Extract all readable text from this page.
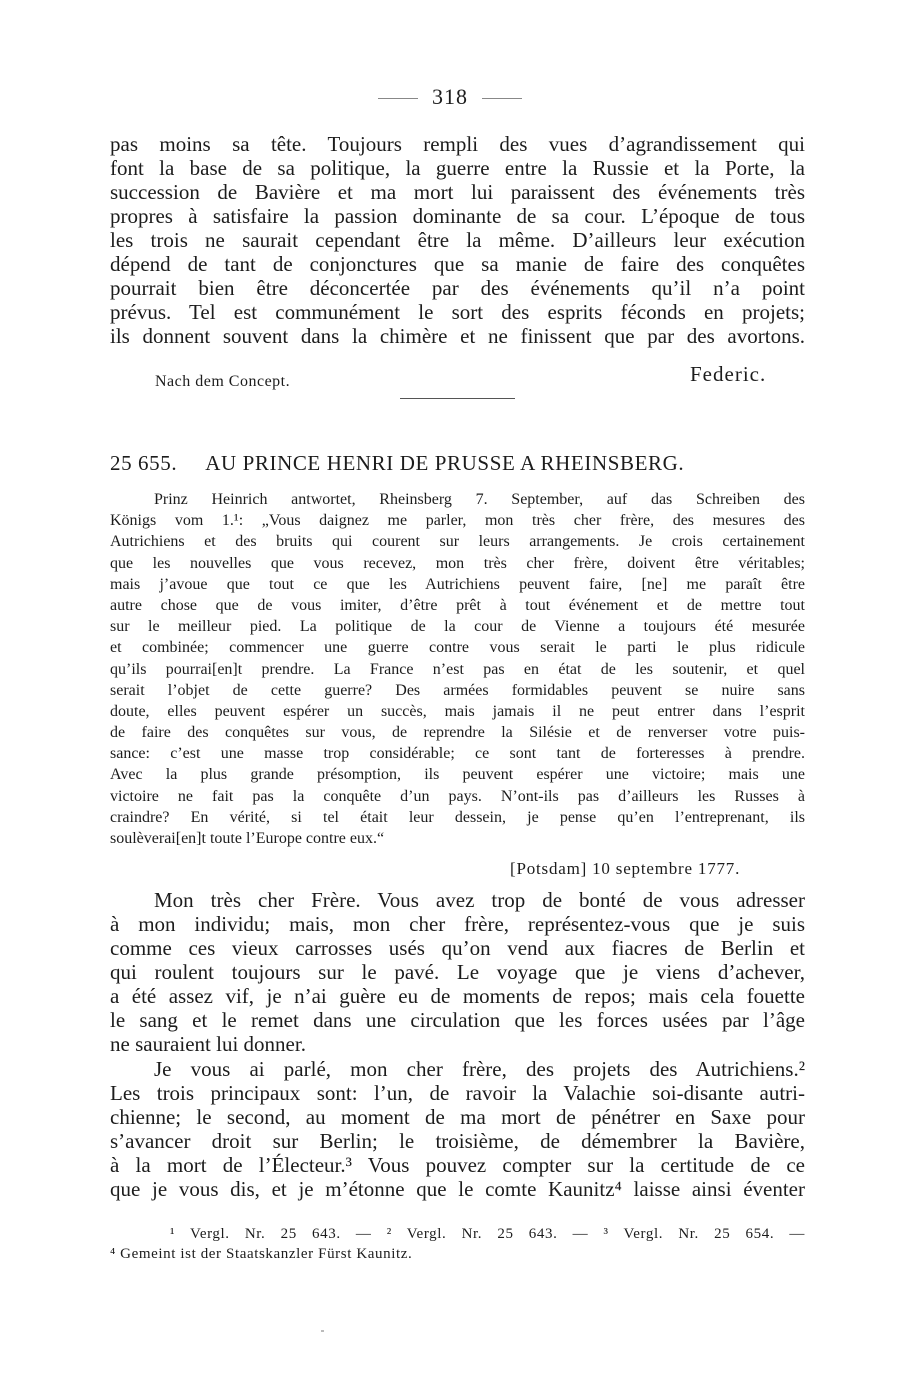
318
pas moins sa tête. Toujours rempli des vues d’agrandissement qui
font la base de sa politique, la guerre entre la Russie et la Porte, la
succession de Bavière et ma mort lui paraissent des événements très
propres à satisfaire la passion dominante de sa cour. L’époque de tous
les trois ne saurait cependant être la même. D’ailleurs leur exécution
dépend de tant de conjonctures que sa manie de faire des conquêtes
pourrait bien être déconcertée par des événements qu’il n’a point
prévus. Tel est communément le sort des esprits féconds en projets;
ils donnent souvent dans la chimère et ne finissent que par des avortons.
Nach dem Concept.	Federic.
25 655. AU PRINCE HENRI DE PRUSSE A RHEINSBERG.
Prinz Heinrich antwortet, Rheinsberg 7. September, auf das Schreiben des
Königs vom 1.¹: „Vous daignez me parler, mon très cher frère, des mesures des
Autrichiens et des bruits qui courent sur leurs arrangements. Je crois certainement
que les nouvelles que vous recevez, mon très cher frère, doivent être véritables;
mais j’avoue que tout ce que les Autrichiens peuvent faire, [ne] me paraît être
autre chose que de vous imiter, d’être prêt à tout événement et de mettre tout
sur le meilleur pied. La politique de la cour de Vienne a toujours été mesurée
et combinée; commencer une guerre contre vous serait le parti le plus ridicule
qu’ils pourrai[en]t prendre. La France n’est pas en état de les soutenir, et quel
serait l’objet de cette guerre? Des armées formidables peuvent se nuire sans
doute, elles peuvent espérer un succès, mais jamais il ne peut entrer dans l’esprit
de faire des conquêtes sur vous, de reprendre la Silésie et de renverser votre puis-
sance: c’est une masse trop considérable; ce sont tant de forteresses à prendre.
Avec la plus grande présomption, ils peuvent espérer une victoire; mais une
victoire ne fait pas la conquête d’un pays. N’ont-ils pas d’ailleurs les Russes à
craindre? En vérité, si tel était leur dessein, je pense qu’en l’entreprenant, ils
soulèverai[en]t toute l’Europe contre eux.“
[Potsdam] 10 septembre 1777.
Mon très cher Frère. Vous avez trop de bonté de vous adresser
à mon individu; mais, mon cher frère, représentez-vous que je suis
comme ces vieux carrosses usés qu’on vend aux fiacres de Berlin et
qui roulent toujours sur le pavé. Le voyage que je viens d’achever,
a été assez vif, je n’ai guère eu de moments de repos; mais cela fouette
le sang et le remet dans une circulation que les forces usées par l’âge
ne sauraient lui donner.
Je vous ai parlé, mon cher frère, des projets des Autrichiens.²
Les trois principaux sont: l’un, de ravoir la Valachie soi-disante autri-
chienne; le second, au moment de ma mort de pénétrer en Saxe pour
s’avancer droit sur Berlin; le troisième, de démembrer la Bavière,
à la mort de l’Électeur.³ Vous pouvez compter sur la certitude de ce
que je vous dis, et je m’étonne que le comte Kaunitz⁴ laisse ainsi éventer
¹ Vergl. Nr. 25 643. — ² Vergl. Nr. 25 643. — ³ Vergl. Nr. 25 654. —
⁴ Gemeint ist der Staatskanzler Fürst Kaunitz.
